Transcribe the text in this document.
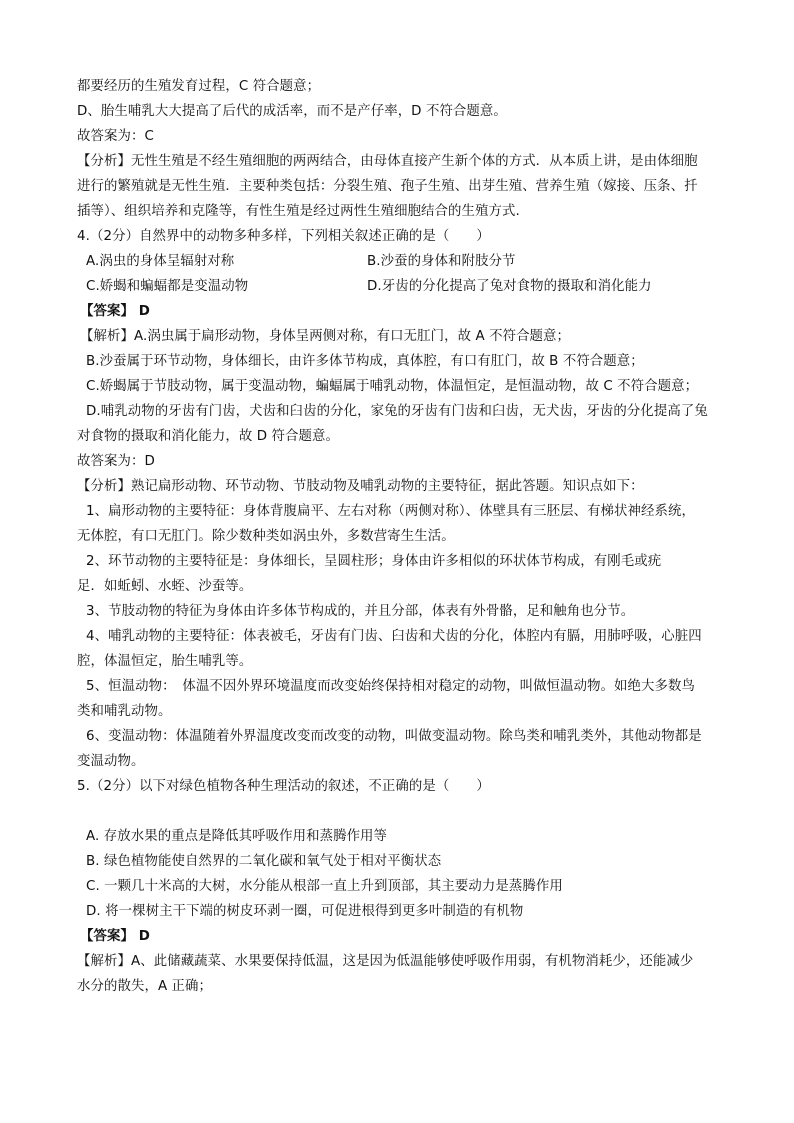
都要经历的生殖发育过程，C 符合题意；
D、胎生哺乳大大提高了后代的成活率，而不是产仔率，D 不符合题意。
故答案为：C
【分析】无性生殖是不经生殖细胞的两两结合，由母体直接产生新个体的方式．从本质上讲，是由体细胞
进行的繁殖就是无性生殖．主要种类包括：分裂生殖、孢子生殖、出芽生殖、营养生殖（嫁接、压条、扦
插等）、组织培养和克隆等，有性生殖是经过两性生殖细胞结合的生殖方式.
4.（2分）自然界中的动物多种多样，下列相关叙述正确的是（　　）
A.涡虫的身体呈辐射对称	B.沙蚕的身体和附肢分节
C.娇蝎和蝙蝠都是变温动物	D.牙齿的分化提高了兔对食物的摄取和消化能力
【答案】 D
【解析】A.涡虫属于扁形动物，身体呈两侧对称，有口无肛门，故 A 不符合题意；
B.沙蚕属于环节动物，身体细长，由许多体节构成，真体腔，有口有肛门，故 B 不符合题意；
C.娇蝎属于节肢动物，属于变温动物，蝙蝠属于哺乳动物，体温恒定，是恒温动物，故 C 不符合题意；
D.哺乳动物的牙齿有门齿，犬齿和臼齿的分化，家兔的牙齿有门齿和臼齿，无犬齿，牙齿的分化提高了兔
对食物的摄取和消化能力，故 D 符合题意。
故答案为：D
【分析】熟记扁形动物、环节动物、节肢动物及哺乳动物的主要特征，据此答题。知识点如下：
1、扁形动物的主要特征：身体背腹扁平、左右对称（两侧对称）、体壁具有三胚层、有梯状神经系统，
无体腔，有口无肛门。除少数种类如涡虫外，多数营寄生生活。
2、环节动物的主要特征是：身体细长，呈圆柱形；身体由许多相似的环状体节构成，有刚毛或疣
足．如蚯蚓、水蛭、沙蚕等。
3、节肢动物的特征为身体由许多体节构成的，并且分部，体表有外骨骼，足和触角也分节。
4、哺乳动物的主要特征：体表被毛，牙齿有门齿、臼齿和犬齿的分化，体腔内有膈，用肺呼吸，心脏四
腔，体温恒定，胎生哺乳等。
5、恒温动物：　体温不因外界环境温度而改变始终保持相对稳定的动物，叫做恒温动物。如绝大多数鸟
类和哺乳动物。
6、变温动物：体温随着外界温度改变而改变的动物，叫做变温动物。除鸟类和哺乳类外，其他动物都是
变温动物。
5.（2分）以下对绿色植物各种生理活动的叙述，不正确的是（　　）
A. 存放水果的重点是降低其呼吸作用和蒸腾作用等
B. 绿色植物能使自然界的二氧化碳和氧气处于相对平衡状态
C. 一颗几十米高的大树，水分能从根部一直上升到顶部，其主要动力是蒸腾作用
D. 将一棵树主干下端的树皮环剥一圈，可促进根得到更多叶制造的有机物
【答案】 D
【解析】A、此储藏蔬菜、水果要保持低温，这是因为低温能够使呼吸作用弱，有机物消耗少，还能减少
水分的散失，A 正确；
